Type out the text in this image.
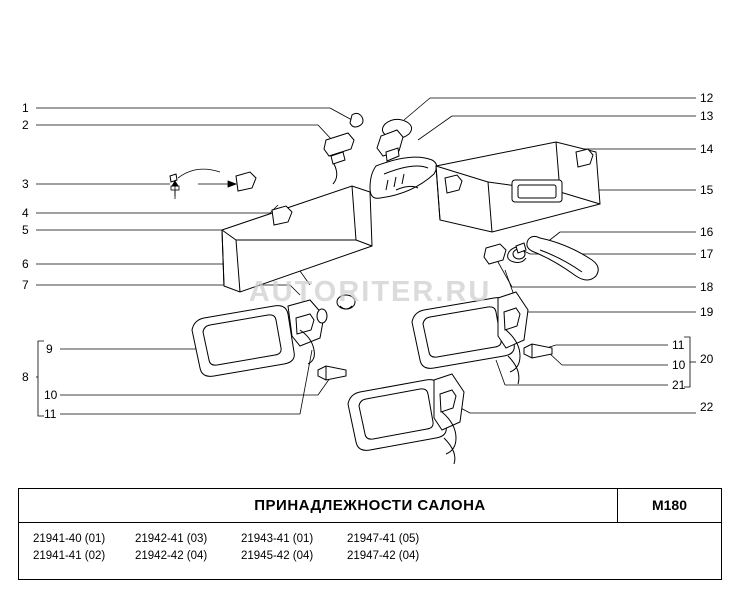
AUTORITER.RU
1
2
3
4
5
6
7
8
9
10
11
12
13
14
15
16
17
18
19
20
22
11
10
21
ПРИНАДЛЕЖНОСТИ САЛОНА	M180
21941-40 (01)
21941-41 (02)
21942-41 (03)
21942-42 (04)
21943-41 (01)
21945-42 (04)
21947-41 (05)
21947-42 (04)
